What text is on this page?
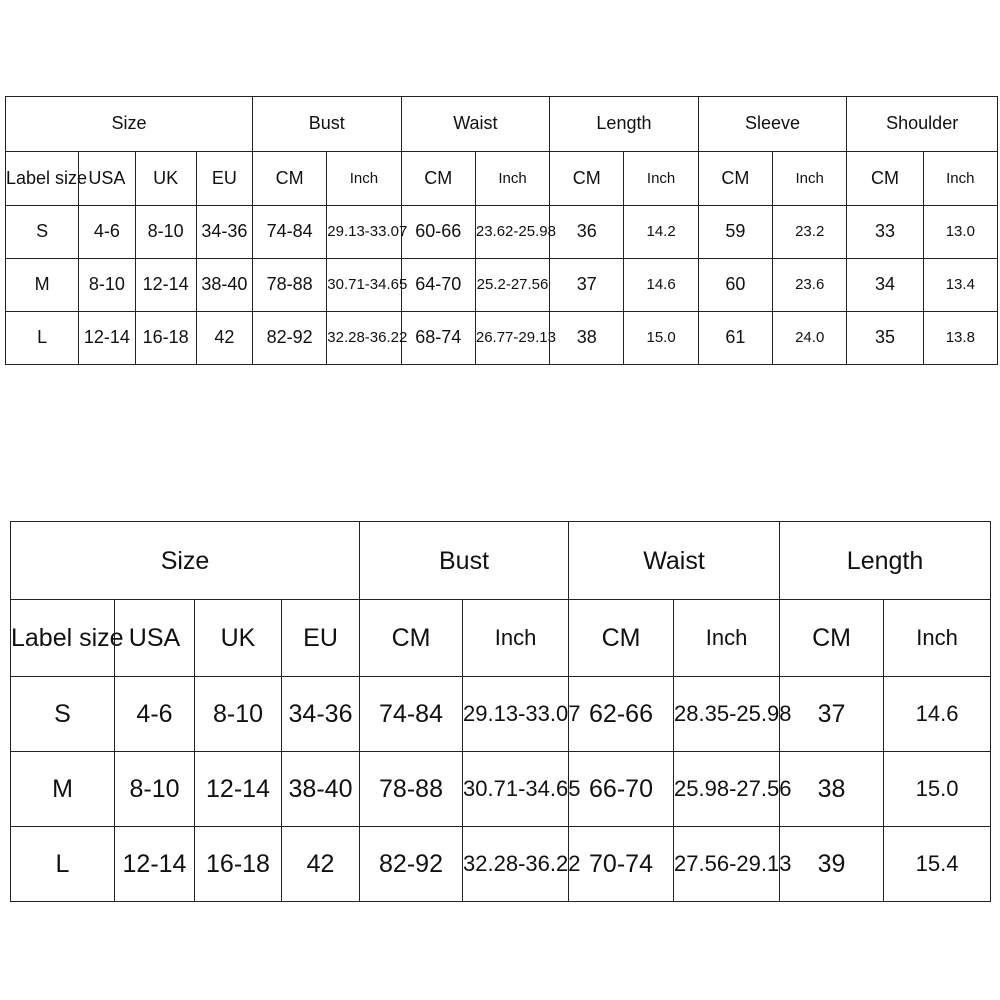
Size				Bust		Waist		Length		Sleeve		Shoulder	
Label size	USA	UK	EU	CM	Inch	CM	Inch	CM	Inch	CM	Inch	CM	Inch
S	4-6	8-10	34-36	74-84	29.13-33.07	60-66	23.62-25.98	36	14.2	59	23.2	33	13.0
M	8-10	12-14	38-40	78-88	30.71-34.65	64-70	25.2-27.56	37	14.6	60	23.6	34	13.4
L	12-14	16-18	42	82-92	32.28-36.22	68-74	26.77-29.13	38	15.0	61	24.0	35	13.8
Size				Bust		Waist		Length	
Label size	USA	UK	EU	CM	Inch	CM	Inch	CM	Inch
S	4-6	8-10	34-36	74-84	29.13-33.07	62-66	28.35-25.98	37	14.6
M	8-10	12-14	38-40	78-88	30.71-34.65	66-70	25.98-27.56	38	15.0
L	12-14	16-18	42	82-92	32.28-36.22	70-74	27.56-29.13	39	15.4
